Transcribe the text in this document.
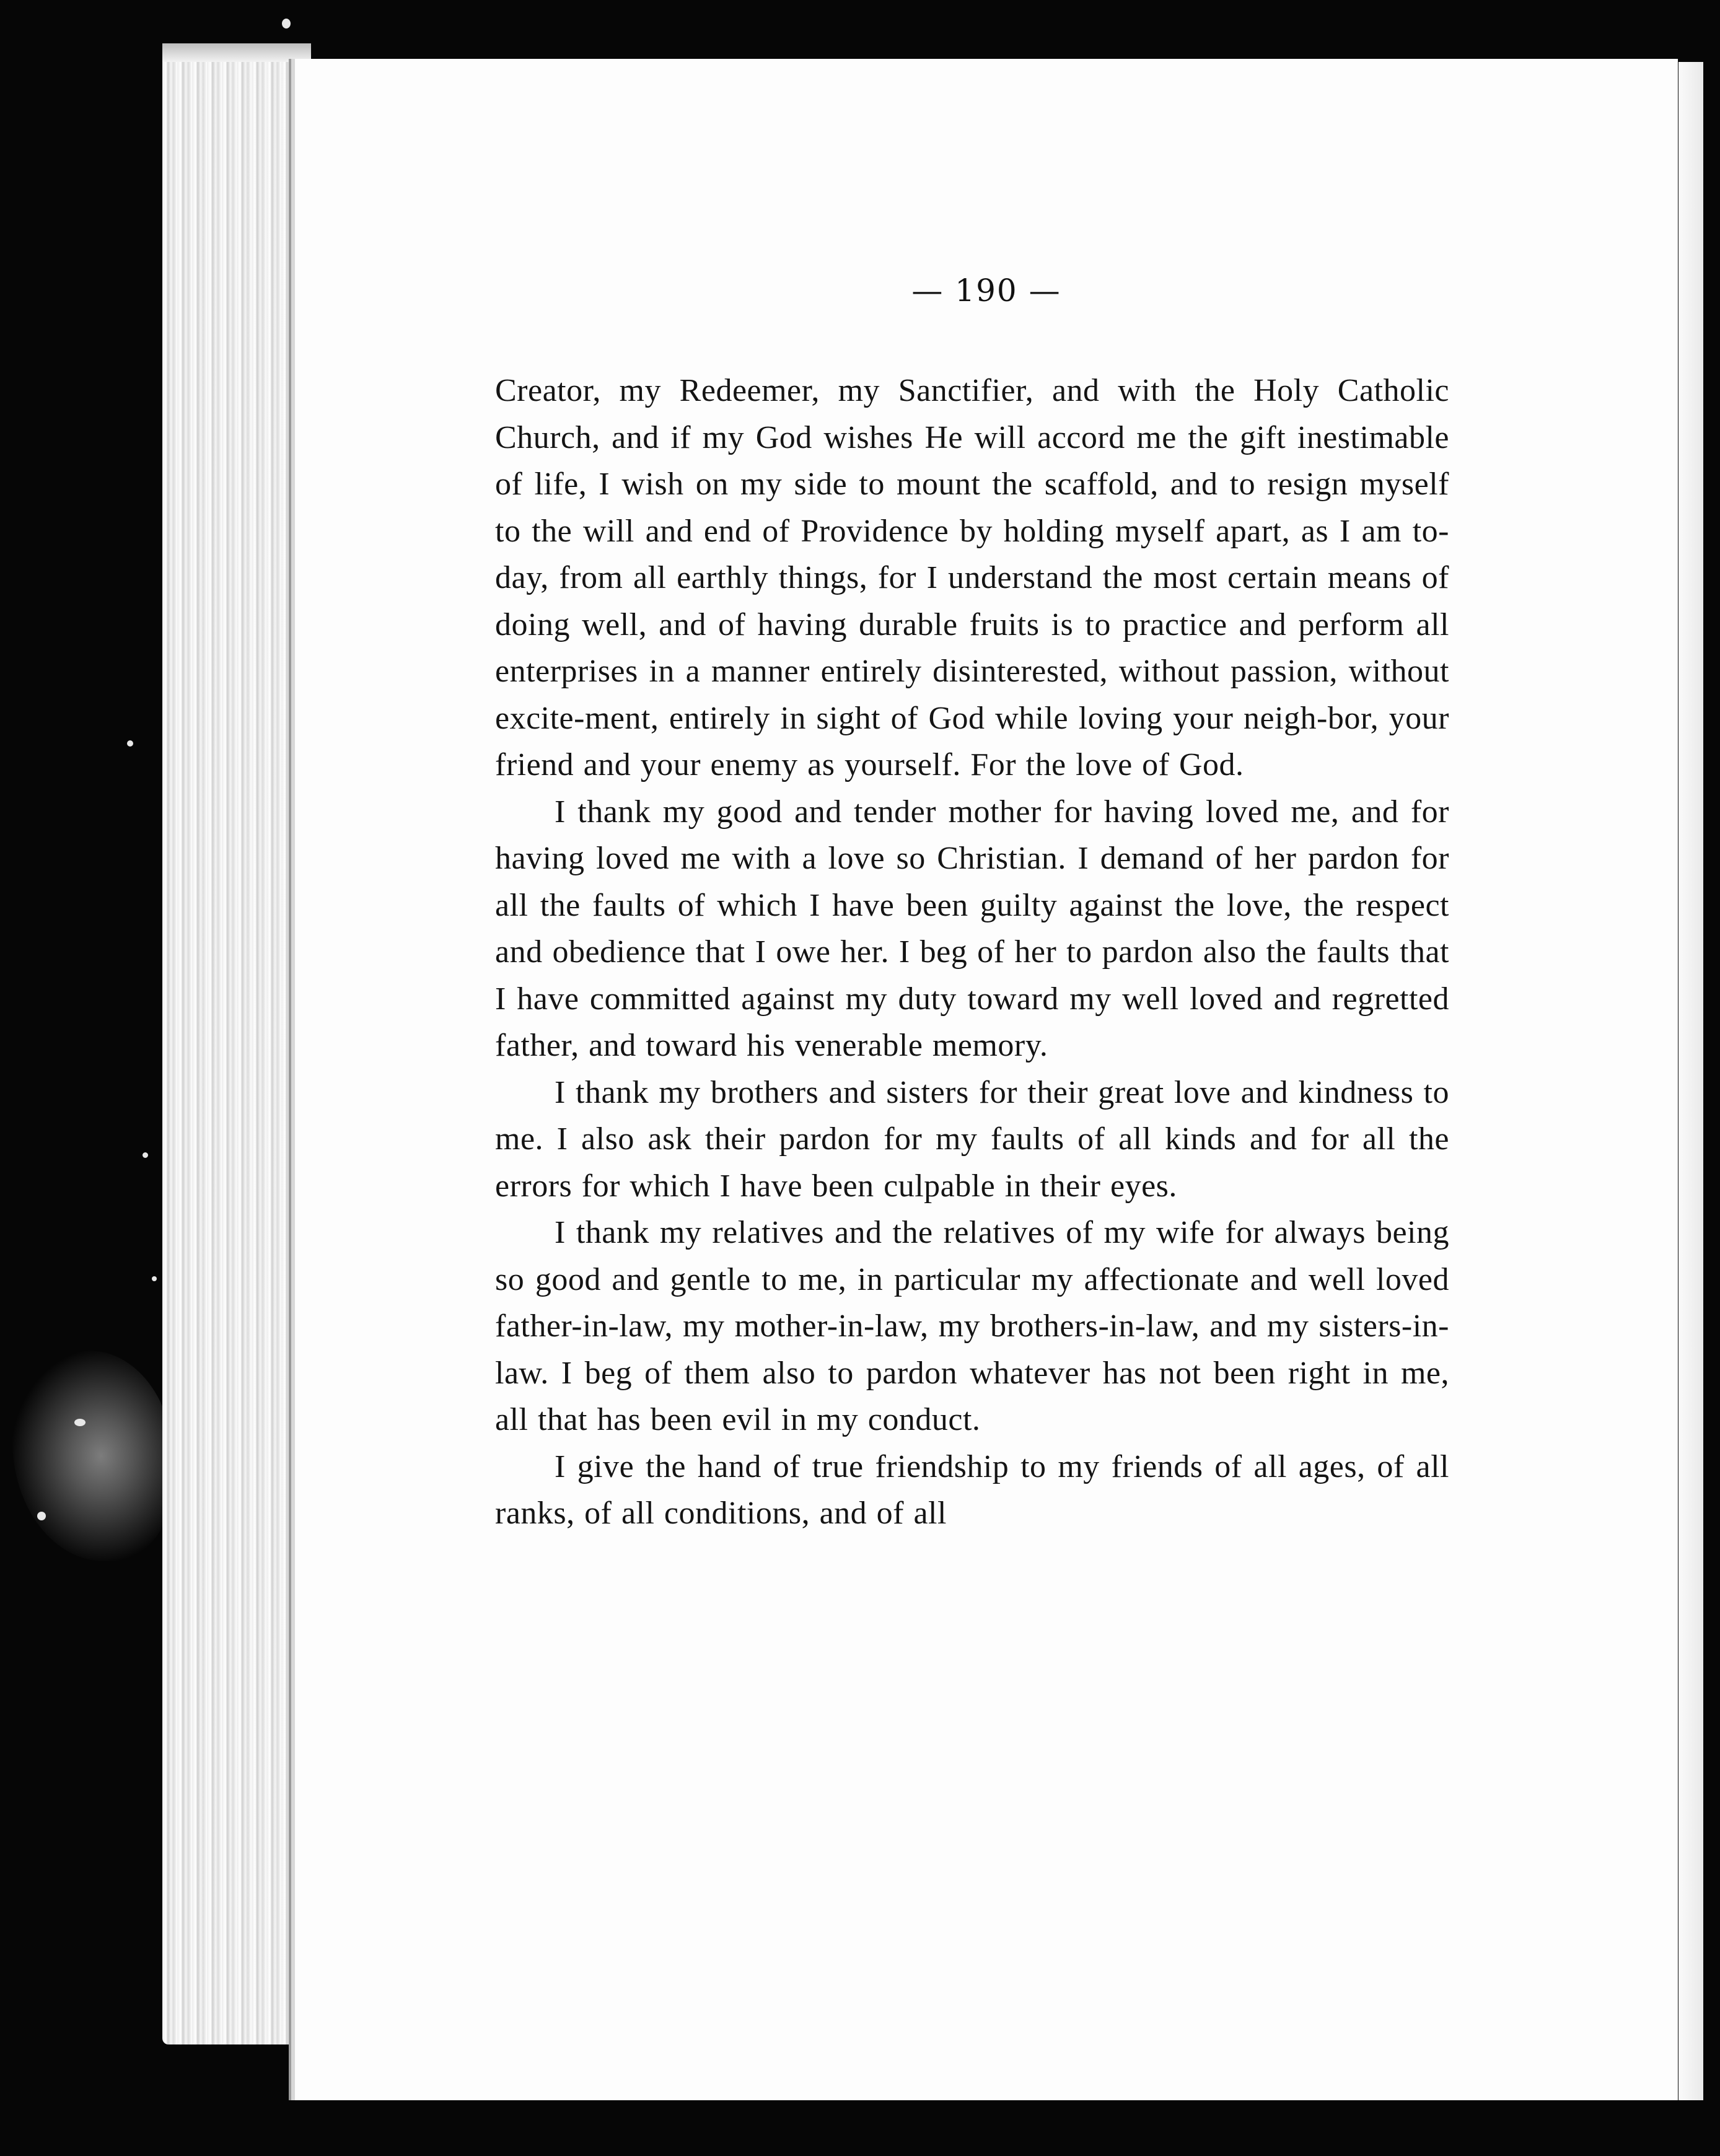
— 190 —

Creator, my Redeemer, my Sanctifier, and with the Holy Catholic Church, and if my God wishes He will accord me the gift inestimable of life, I wish on my side to mount the scaffold, and to resign myself to the will and end of Providence by holding myself apart, as I am to-day, from all earthly things, for I understand the most certain means of doing well, and of having durable fruits is to practice and perform all enterprises in a manner entirely disinterested, without passion, without excite-ment, entirely in sight of God while loving your neigh-bor, your friend and your enemy as yourself. For the love of God.

I thank my good and tender mother for having loved me, and for having loved me with a love so Christian. I demand of her pardon for all the faults of which I have been guilty against the love, the respect and obedience that I owe her. I beg of her to pardon also the faults that I have committed against my duty toward my well loved and regretted father, and toward his venerable memory.

I thank my brothers and sisters for their great love and kindness to me. I also ask their pardon for my faults of all kinds and for all the errors for which I have been culpable in their eyes.

I thank my relatives and the relatives of my wife for always being so good and gentle to me, in particular my affectionate and well loved father-in-law, my mother-in-law, my brothers-in-law, and my sisters-in-law. I beg of them also to pardon whatever has not been right in me, all that has been evil in my conduct.

I give the hand of true friendship to my friends of all ages, of all ranks, of all conditions, and of all
